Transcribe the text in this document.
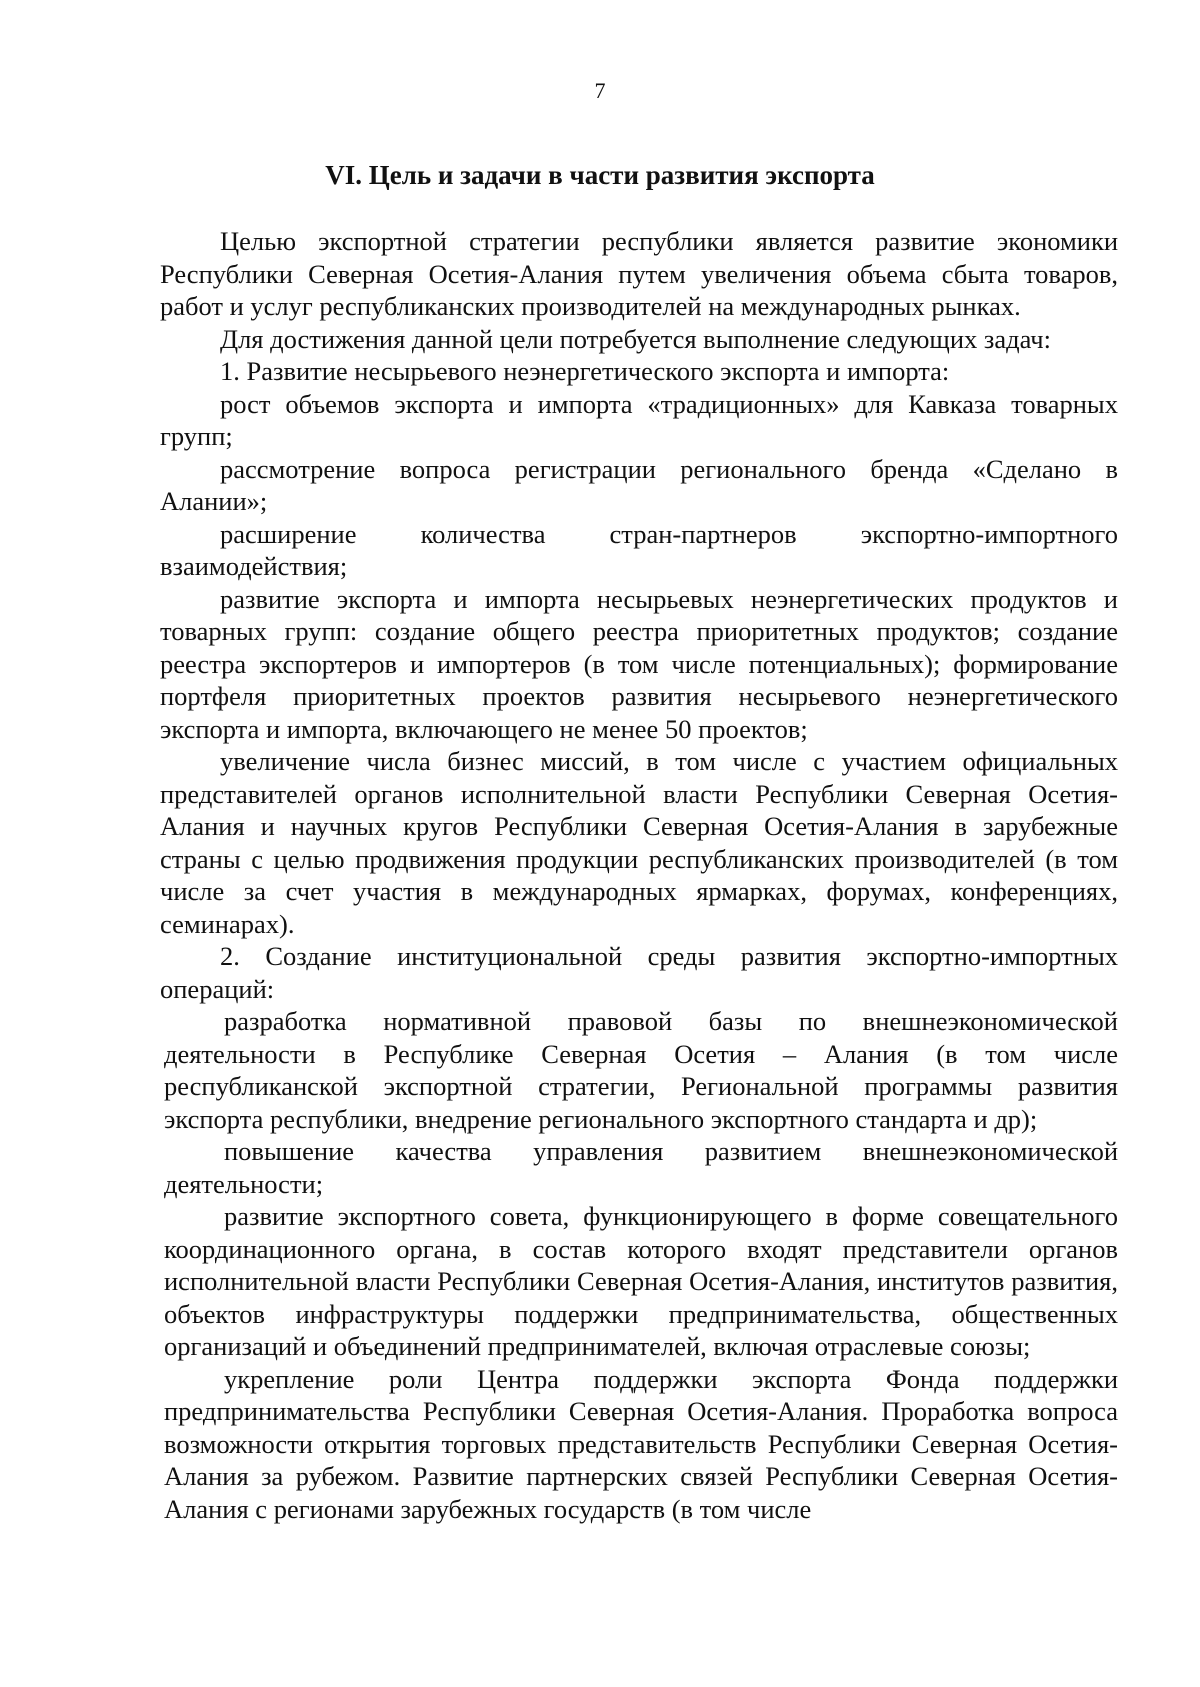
7
VI. Цель и задачи в части развития экспорта

Целью экспортной стратегии республики является развитие экономики Республики Северная Осетия-Алания путем увеличения объема сбыта товаров, работ и услуг республиканских производителей на международных рынках.

Для достижения данной цели потребуется выполнение следующих задач:

1. Развитие несырьевого неэнергетического экспорта и импорта:

рост объемов экспорта и импорта «традиционных» для Кавказа товарных групп;

рассмотрение вопроса регистрации регионального бренда «Сделано в Алании»;

расширение количества стран-партнеров экспортно-импортного взаимодействия;

развитие экспорта и импорта несырьевых неэнергетических продуктов и товарных групп: создание общего реестра приоритетных продуктов; создание реестра экспортеров и импортеров (в том числе потенциальных); формирование портфеля приоритетных проектов развития несырьевого неэнергетического экспорта и импорта, включающего не менее 50 проектов;

увеличение числа бизнес миссий, в том числе с участием официальных представителей органов исполнительной власти Республики Северная Осетия-Алания и научных кругов Республики Северная Осетия-Алания в зарубежные страны с целью продвижения продукции республиканских производителей (в том числе за счет участия в международных ярмарках, форумах, конференциях, семинарах).

2. Создание институциональной среды развития экспортно-импортных операций:

разработка нормативной правовой базы по внешнеэкономической деятельности в Республике Северная Осетия – Алания (в том числе республиканской экспортной стратегии, Региональной программы развития экспорта республики, внедрение регионального экспортного стандарта и др);

повышение качества управления развитием внешнеэкономической деятельности;

развитие экспортного совета, функционирующего в форме совещательного координационного органа, в состав которого входят представители органов исполнительной власти Республики Северная Осетия-Алания, институтов развития, объектов инфраструктуры поддержки предпринимательства, общественных организаций и объединений предпринимателей, включая отраслевые союзы;

укрепление роли Центра поддержки экспорта Фонда поддержки предпринимательства Республики Северная Осетия-Алания. Проработка вопроса возможности открытия торговых представительств Республики Северная Осетия-Алания за рубежом. Развитие партнерских связей Республики Северная Осетия-Алания с регионами зарубежных государств (в том числе
